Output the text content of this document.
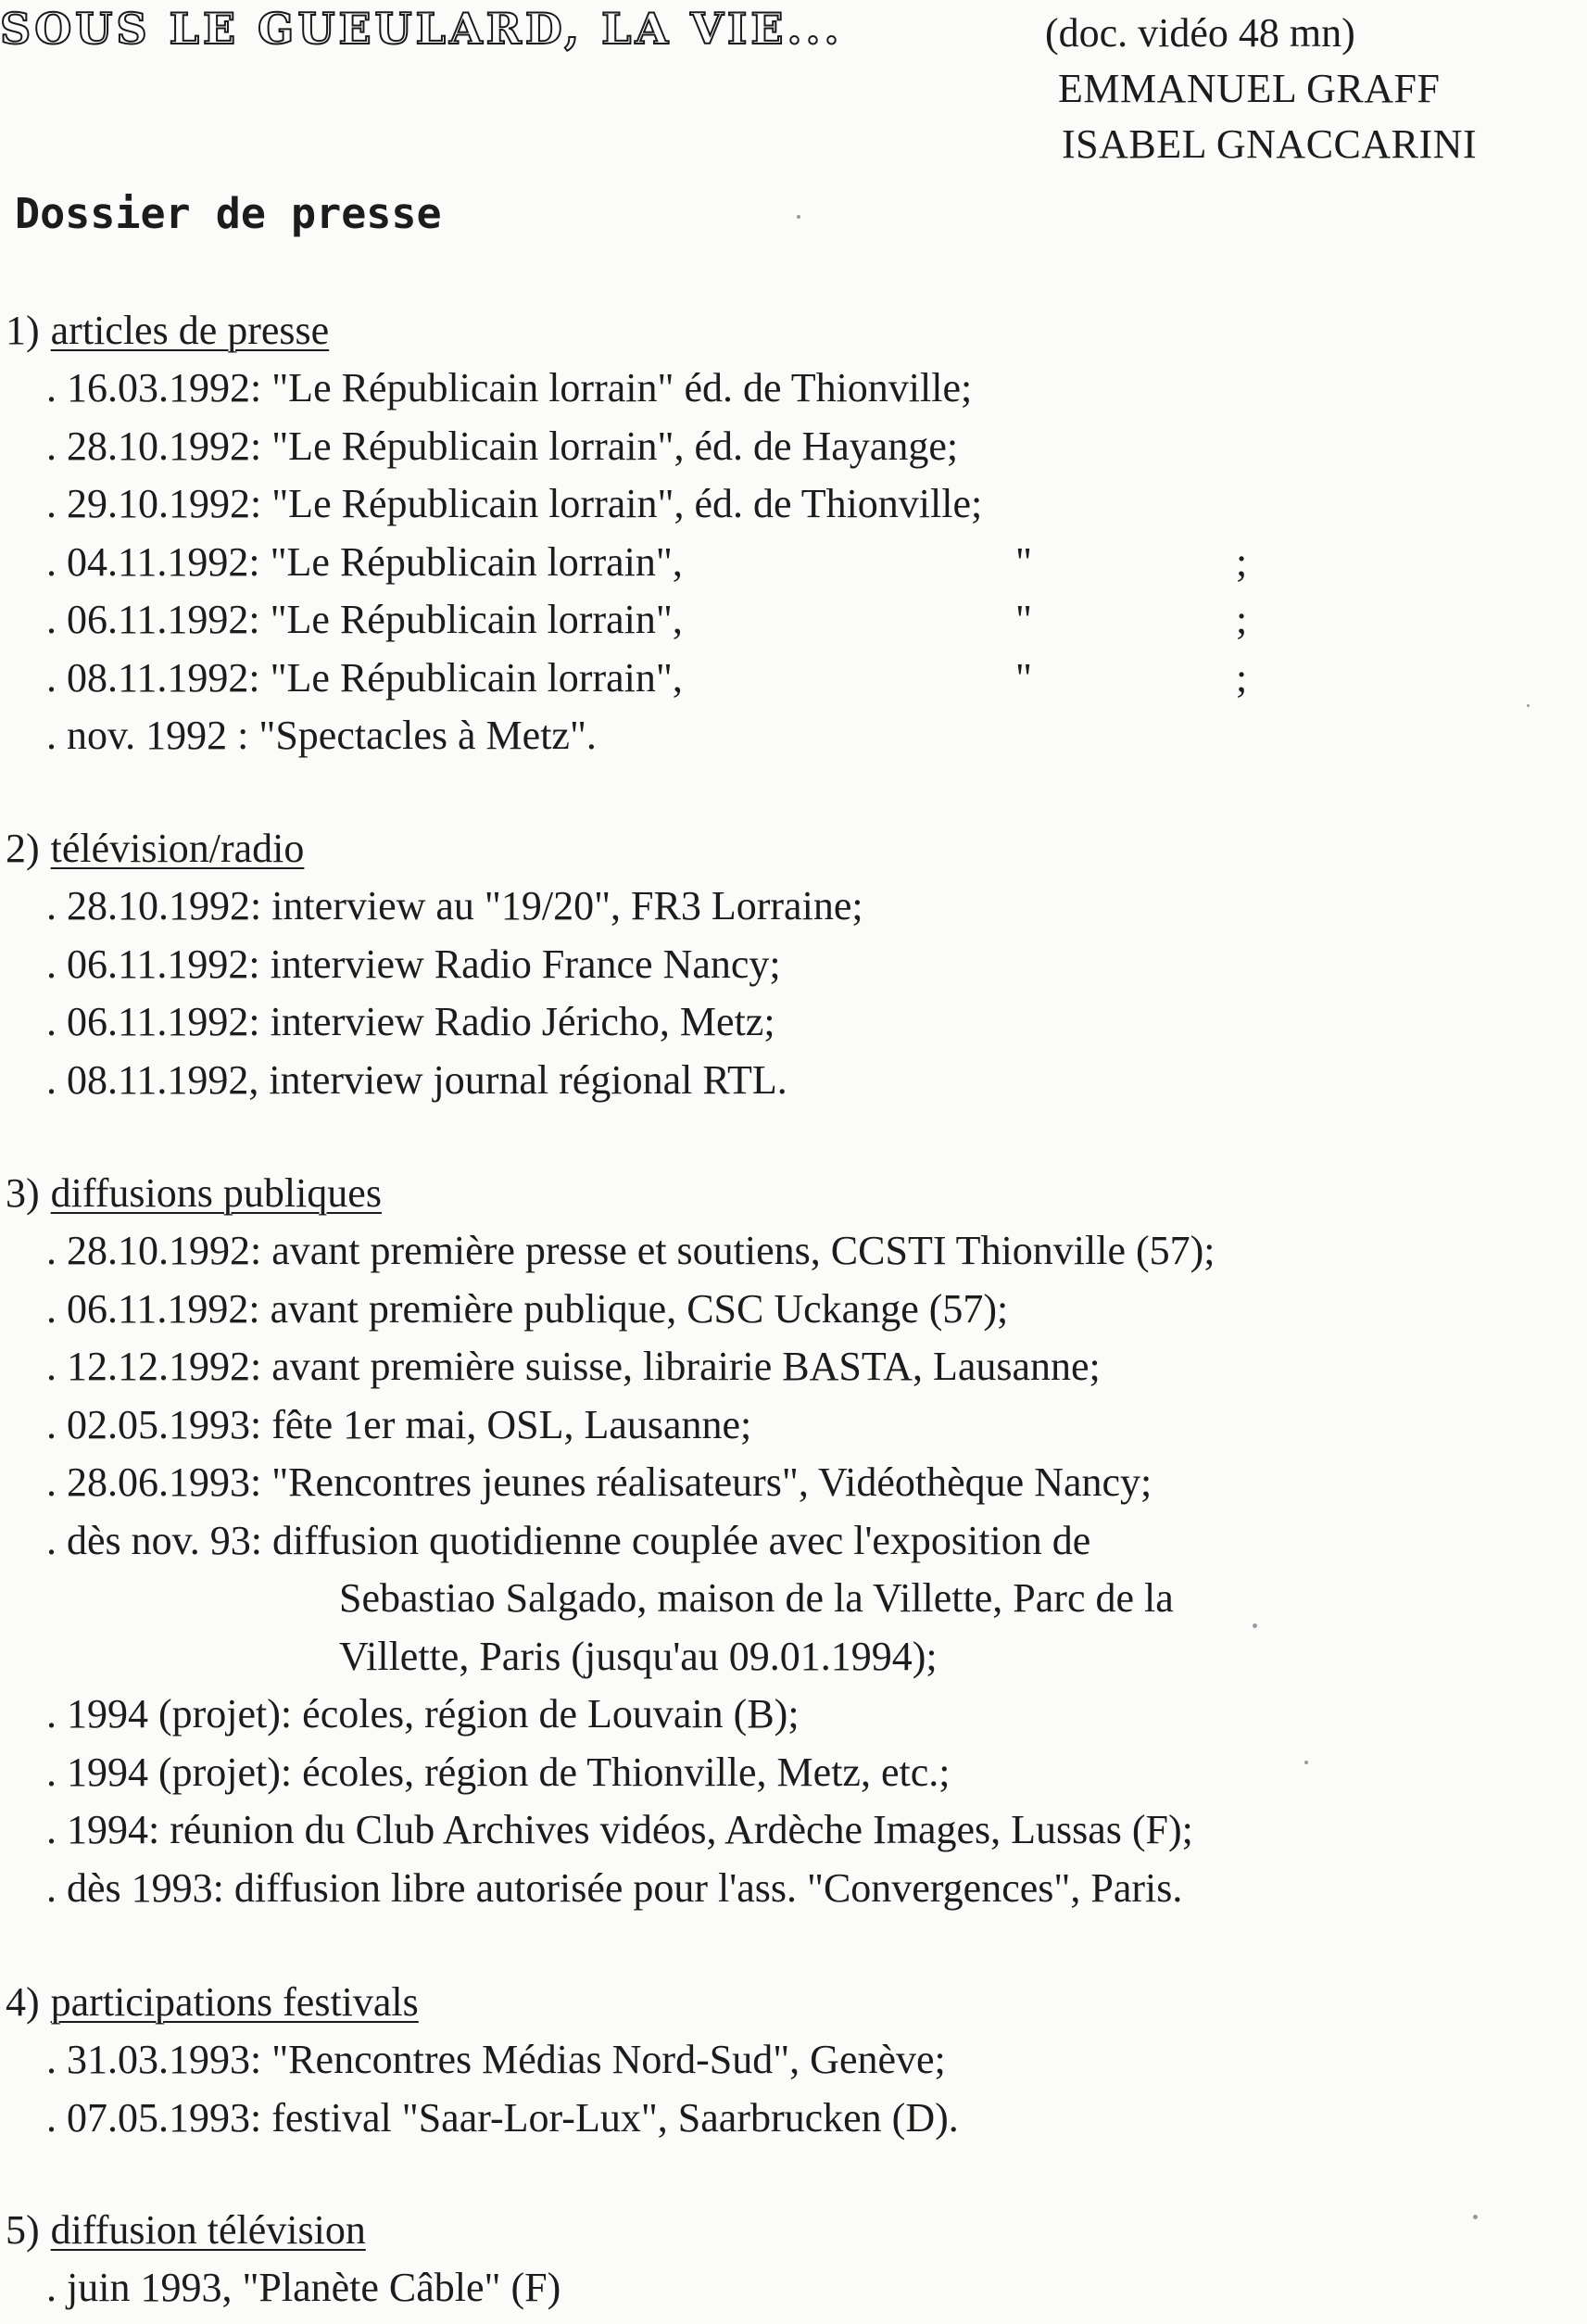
SOUS LE GUEULARD, LA VIE...	(doc. vidéo 48 mn)
EMMANUEL GRAFF
ISABEL GNACCARINI
Dossier de presse
1) articles de presse
. 16.03.1992: "Le Républicain lorrain" éd. de Thionville;
. 28.10.1992: "Le Républicain lorrain", éd. de Hayange;
. 29.10.1992: "Le Républicain lorrain", éd. de Thionville;
. 04.11.1992: "Le Républicain lorrain",	"	;
. 06.11.1992: "Le Républicain lorrain",	"	;
. 08.11.1992: "Le Républicain lorrain",	"	;
. nov. 1992 : "Spectacles à Metz".
2) télévision/radio
. 28.10.1992: interview au "19/20", FR3 Lorraine;
. 06.11.1992: interview Radio France Nancy;
. 06.11.1992: interview Radio Jéricho, Metz;
. 08.11.1992, interview journal régional RTL.
3) diffusions publiques
. 28.10.1992: avant première presse et soutiens, CCSTI Thionville (57);
. 06.11.1992: avant première publique, CSC Uckange (57);
. 12.12.1992: avant première suisse, librairie BASTA, Lausanne;
. 02.05.1993: fête 1er mai, OSL, Lausanne;
. 28.06.1993: "Rencontres jeunes réalisateurs", Vidéothèque Nancy;
. dès nov. 93: diffusion quotidienne couplée avec l'exposition de
Sebastiao Salgado, maison de la Villette, Parc de la
Villette, Paris (jusqu'au 09.01.1994);
. 1994 (projet): écoles, région de Louvain (B);
. 1994 (projet): écoles, région de Thionville, Metz, etc.;
. 1994: réunion du Club Archives vidéos, Ardèche Images, Lussas (F);
. dès 1993: diffusion libre autorisée pour l'ass. "Convergences", Paris.
4) participations festivals
. 31.03.1993: "Rencontres Médias Nord-Sud", Genève;
. 07.05.1993: festival "Saar-Lor-Lux", Saarbrucken (D).
5) diffusion télévision
. juin 1993, "Planète Câble" (F)
